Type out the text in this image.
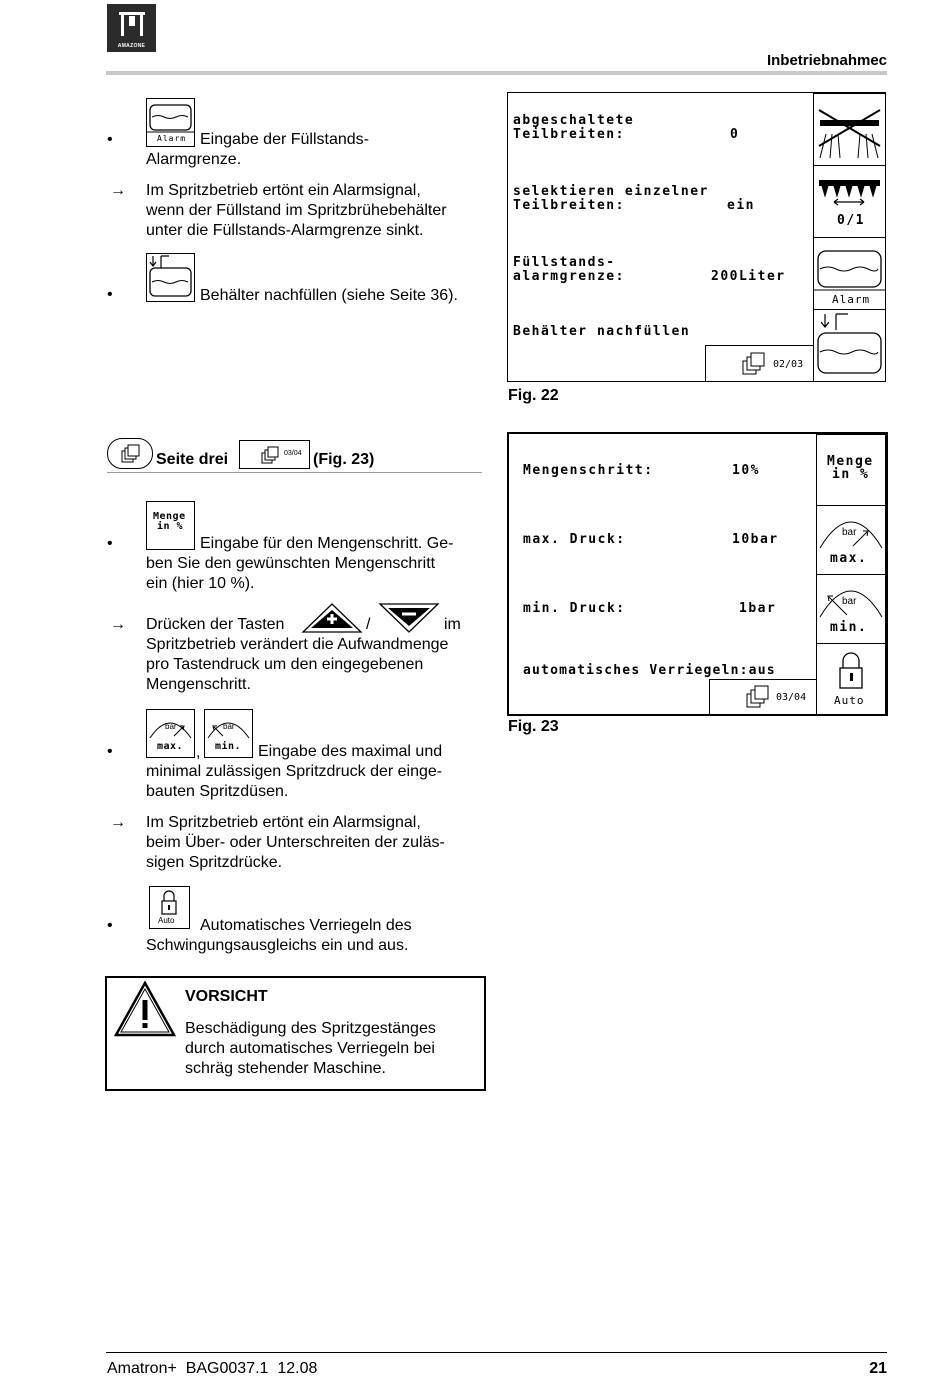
AMAZONE
Inbetriebnahmec
Alarm
•	Eingabe der Füllstands-
Alarmgrenze.
→ Im Spritzbetrieb ertönt ein Alarmsignal,
wenn der Füllstand im Spritzbrühebehälter
unter die Füllstands-Alarmgrenze sinkt.
•	Behälter nachfüllen (siehe Seite 36).
Seite drei	03/04 (Fig. 23)
Menge
in %
•	Eingabe für den Mengenschritt. Ge-
ben Sie den gewünschten Mengenschritt
ein (hier 10 %).
→ Drücken der Tasten	/	im
Spritzbetrieb verändert die Aufwandmenge
pro Tastendruck um den eingegebenen
Mengenschritt.
bar
max. ,
bar
min.
•	Eingabe des maximal und
minimal zulässigen Spritzdruck der einge-
bauten Spritzdüsen.
→ Im Spritzbetrieb ertönt ein Alarmsignal,
beim Über- oder Unterschreiten der zuläs-
sigen Spritzdrücke.
Auto
•	Automatisches Verriegeln des
Schwingungsausgleichs ein und aus.
VORSICHT
Beschädigung des Spritzgestänges
durch automatisches Verriegeln bei
schräg stehender Maschine.
abgeschaltete
Teilbreiten:	0
selektieren einzelner
Teilbreiten:	ein
Füllstands-
alarmgrenze:	200Liter
Behälter nachfüllen
02/03
0/1
Alarm
Fig. 22
Mengenschritt:	10%
max. Druck:	10bar
min. Druck:	1bar
automatisches Verriegeln:aus
03/04
Menge
in %
bar
max.
bar
min.
Auto
Fig. 23
Amatron+  BAG0037.1  12.08	21
